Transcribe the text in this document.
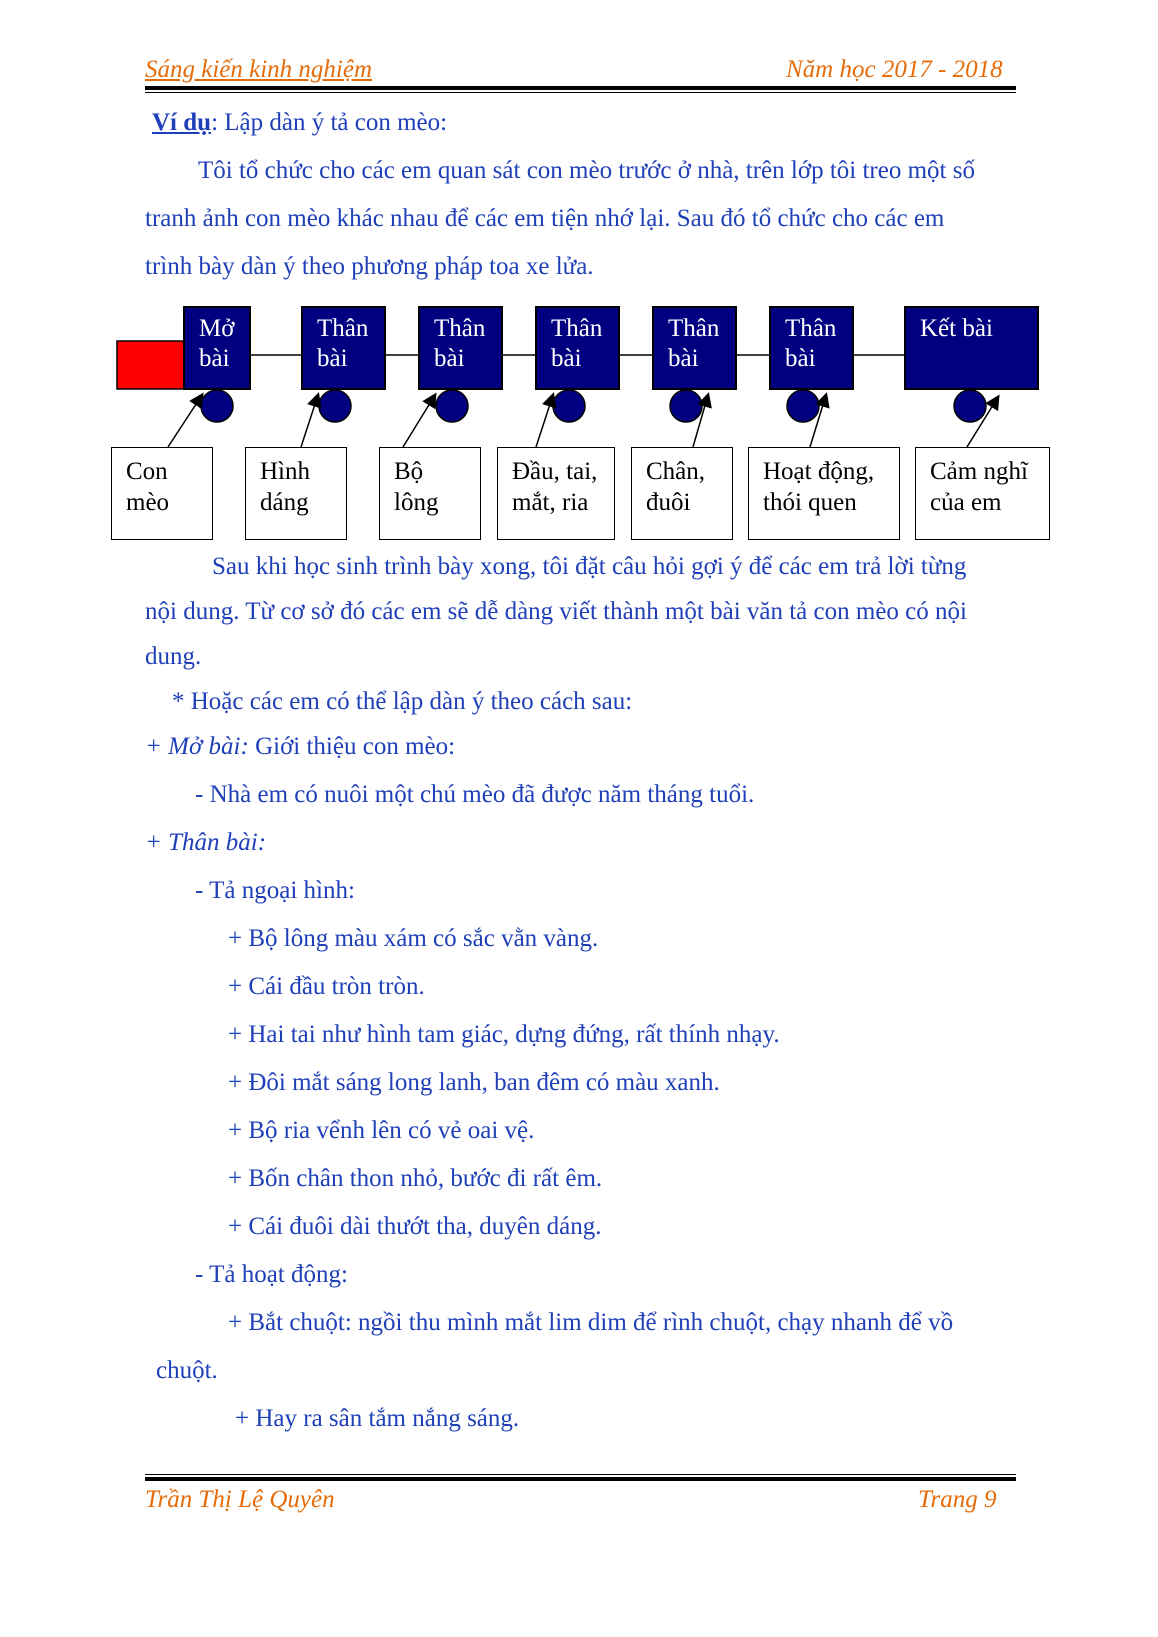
Sáng kiến kinh nghiệm	Năm học 2017 - 2018
Ví dụ: Lập dàn ý tả con mèo:
Tôi tổ chức cho các em quan sát con mèo trước ở nhà, trên lớp tôi treo một số
tranh ảnh con mèo khác nhau để các em tiện nhớ lại. Sau đó tổ chức cho các em
trình bày dàn ý theo phương pháp toa xe lửa.
Mở
bài
Thân
bài
Thân
bài
Thân
bài
Thân
bài
Thân
bài
Kết bài
Con
mèo
Hình
dáng
Bộ
lông
Đầu, tai,
mắt, ria
Chân,
đuôi
Hoạt động,
thói quen
Cảm nghĩ
của em
Sau khi học sinh trình bày xong, tôi đặt câu hỏi gợi ý để các em trả lời từng
nội dung. Từ cơ sở đó các em sẽ dễ dàng viết thành một bài văn tả con mèo có nội
dung.
* Hoặc các em có thể lập dàn ý theo cách sau:
+ Mở bài: Giới thiệu con mèo:
- Nhà em có nuôi một chú mèo đã được năm tháng tuổi.
+ Thân bài:
- Tả ngoại hình:
+ Bộ lông màu xám có sắc vằn vàng.
+ Cái đầu tròn tròn.
+ Hai tai như hình tam giác, dựng đứng, rất thính nhạy.
+ Đôi mắt sáng long lanh, ban đêm có màu xanh.
+ Bộ ria vểnh lên có vẻ oai vệ.
+ Bốn chân thon nhỏ, bước đi rất êm.
+ Cái đuôi dài thướt tha, duyên dáng.
- Tả hoạt động:
+ Bắt chuột: ngồi thu mình mắt lim dim để rình chuột, chạy nhanh để vồ
chuột.
+ Hay ra sân tắm nắng sáng.
Trần Thị Lệ Quyên	Trang 9
